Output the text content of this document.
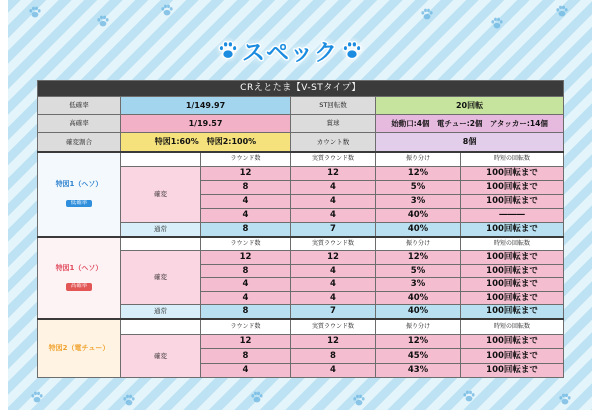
スペック
CRえとたま【V-STタイプ】					
低確率	1/149.97		ST回転数	20回転	
高確率	1/19.57		賞球	始動口:4個　電チュー:2個　アタッカー:14個	
確変割合	特図1:60%　特図2:100%		カウント数	8個	

特図1（ヘソ）
低確率		ラウンド数	実質ラウンド数	振り分け	時短の回転数
	確変	12	12	12%	100回転まで
		8	4	5%	100回転まで
		4	4	3%	100回転まで
		4	4	40%	―――
	通常	8	7	40%	100回転まで

特図1（ヘソ）
高確率		ラウンド数	実質ラウンド数	振り分け	時短の回転数
	確変	12	12	12%	100回転まで
		8	4	5%	100回転まで
		4	4	3%	100回転まで
		4	4	40%	100回転まで
	通常	8	7	40%	100回転まで

特図2（電チュー）		ラウンド数	実質ラウンド数	振り分け	時短の回転数
	確変	12	12	12%	100回転まで
		8	8	45%	100回転まで
		4	4	43%	100回転まで
